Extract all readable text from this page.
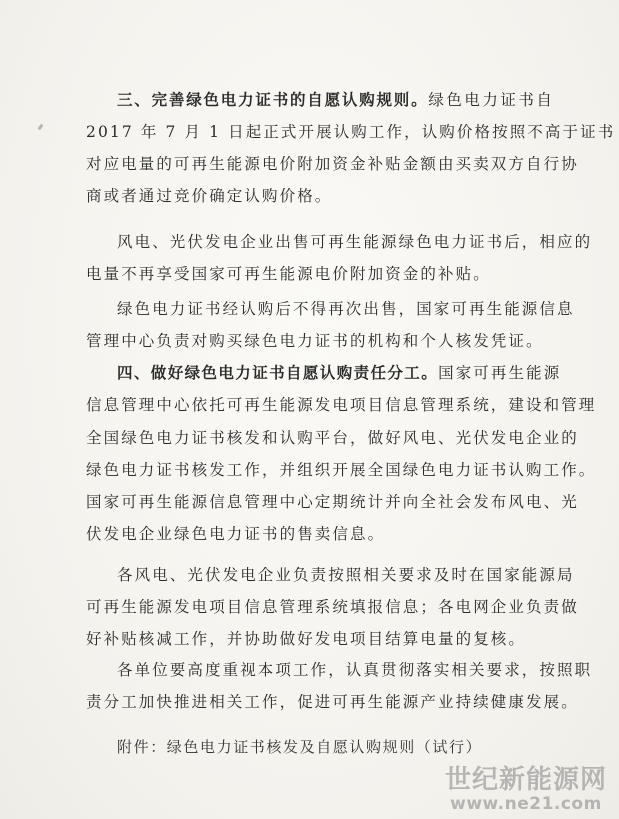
三、完善绿色电力证书的自愿认购规则。绿色电力证书自
2017 年 7 月 1 日起正式开展认购工作，认购价格按照不高于证书
对应电量的可再生能源电价附加资金补贴金额由买卖双方自行协
商或者通过竞价确定认购价格。
风电、光伏发电企业出售可再生能源绿色电力证书后，相应的
电量不再享受国家可再生能源电价附加资金的补贴。
绿色电力证书经认购后不得再次出售，国家可再生能源信息
管理中心负责对购买绿色电力证书的机构和个人核发凭证。
四、做好绿色电力证书自愿认购责任分工。国家可再生能源
信息管理中心依托可再生能源发电项目信息管理系统，建设和管理
全国绿色电力证书核发和认购平台，做好风电、光伏发电企业的
绿色电力证书核发工作，并组织开展全国绿色电力证书认购工作。
国家可再生能源信息管理中心定期统计并向全社会发布风电、光
伏发电企业绿色电力证书的售卖信息。
各风电、光伏发电企业负责按照相关要求及时在国家能源局
可再生能源发电项目信息管理系统填报信息；各电网企业负责做
好补贴核减工作，并协助做好发电项目结算电量的复核。
各单位要高度重视本项工作，认真贯彻落实相关要求，按照职
责分工加快推进相关工作，促进可再生能源产业持续健康发展。
附件：绿色电力证书核发及自愿认购规则（试行）
世纪新能源网
www.ne21.com
